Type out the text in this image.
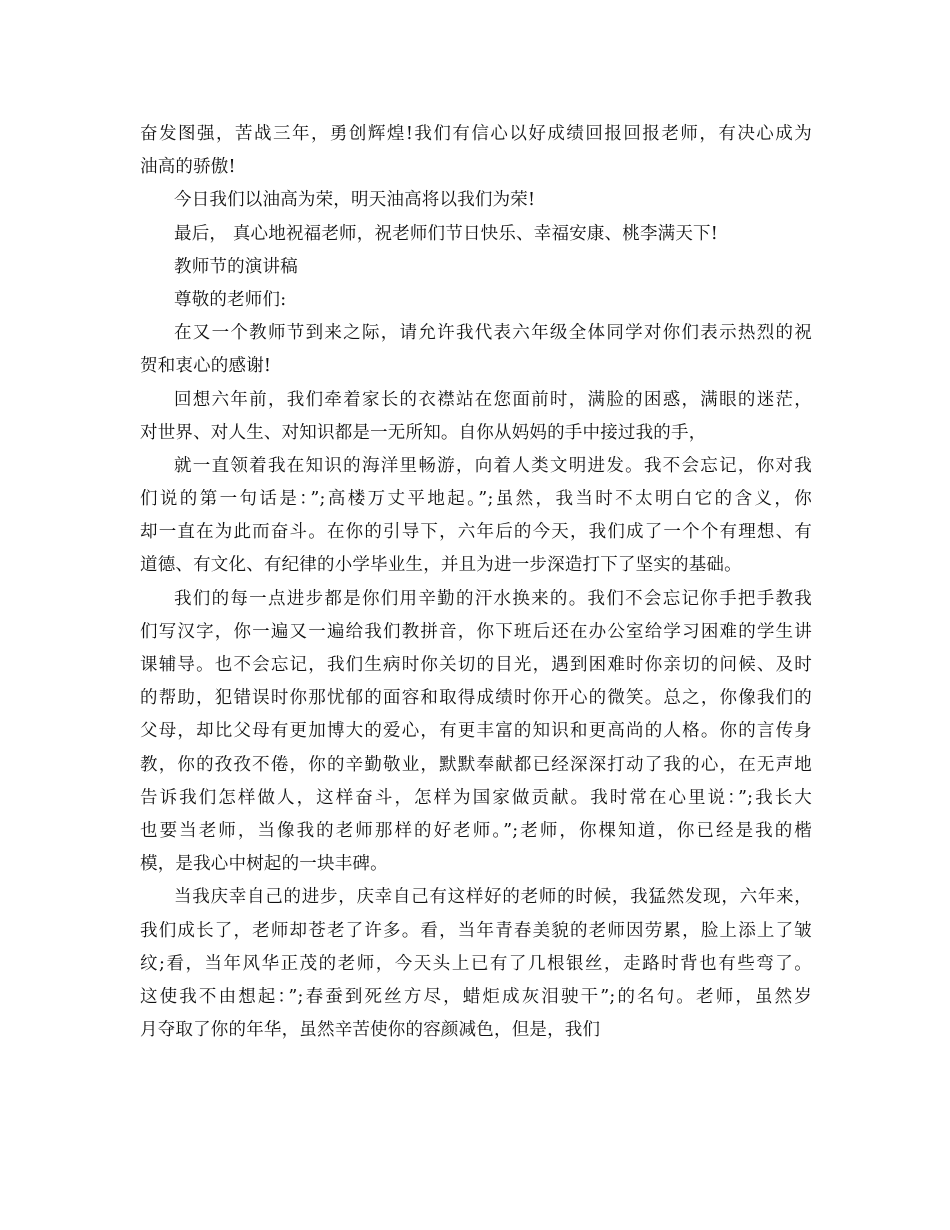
奋发图强，苦战三年，勇创辉煌!我们有信心以好成绩回报回报老师，有决心成为
油高的骄傲!
今日我们以油高为荣，明天油高将以我们为荣!
最后， 真心地祝福老师，祝老师们节日快乐、幸福安康、桃李满天下!
教师节的演讲稿
尊敬的老师们:
在又一个教师节到来之际，请允许我代表六年级全体同学对你们表示热烈的祝
贺和衷心的感谢!
回想六年前，我们牵着家长的衣襟站在您面前时，满脸的困惑，满眼的迷茫，
对世界、对人生、对知识都是一无所知。自你从妈妈的手中接过我的手，
就一直领着我在知识的海洋里畅游，向着人类文明进发。我不会忘记，你对我
们说的第一句话是：”;高楼万丈平地起。”;虽然，我当时不太明白它的含义，你
却一直在为此而奋斗。在你的引导下，六年后的今天，我们成了一个个有理想、有
道德、有文化、有纪律的小学毕业生，并且为进一步深造打下了坚实的基础。
我们的每一点进步都是你们用辛勤的汗水换来的。我们不会忘记你手把手教我
们写汉字，你一遍又一遍给我们教拼音，你下班后还在办公室给学习困难的学生讲
课辅导。也不会忘记，我们生病时你关切的目光，遇到困难时你亲切的问候、及时
的帮助，犯错误时你那忧郁的面容和取得成绩时你开心的微笑。总之，你像我们的
父母，却比父母有更加博大的爱心，有更丰富的知识和更高尚的人格。你的言传身
教，你的孜孜不倦，你的辛勤敬业，默默奉献都已经深深打动了我的心，在无声地
告诉我们怎样做人，这样奋斗，怎样为国家做贡献。我时常在心里说：”;我长大
也要当老师，当像我的老师那样的好老师。”;老师，你棵知道，你已经是我的楷
模，是我心中树起的一块丰碑。
当我庆幸自己的进步，庆幸自己有这样好的老师的时候，我猛然发现，六年来，
我们成长了，老师却苍老了许多。看，当年青春美貌的老师因劳累，脸上添上了皱
纹;看，当年风华正茂的老师，今天头上已有了几根银丝，走路时背也有些弯了。
这使我不由想起：”;春蚕到死丝方尽，蜡炬成灰泪驶干”;的名句。老师，虽然岁
月夺取了你的年华，虽然辛苦使你的容颜减色，但是，我们
